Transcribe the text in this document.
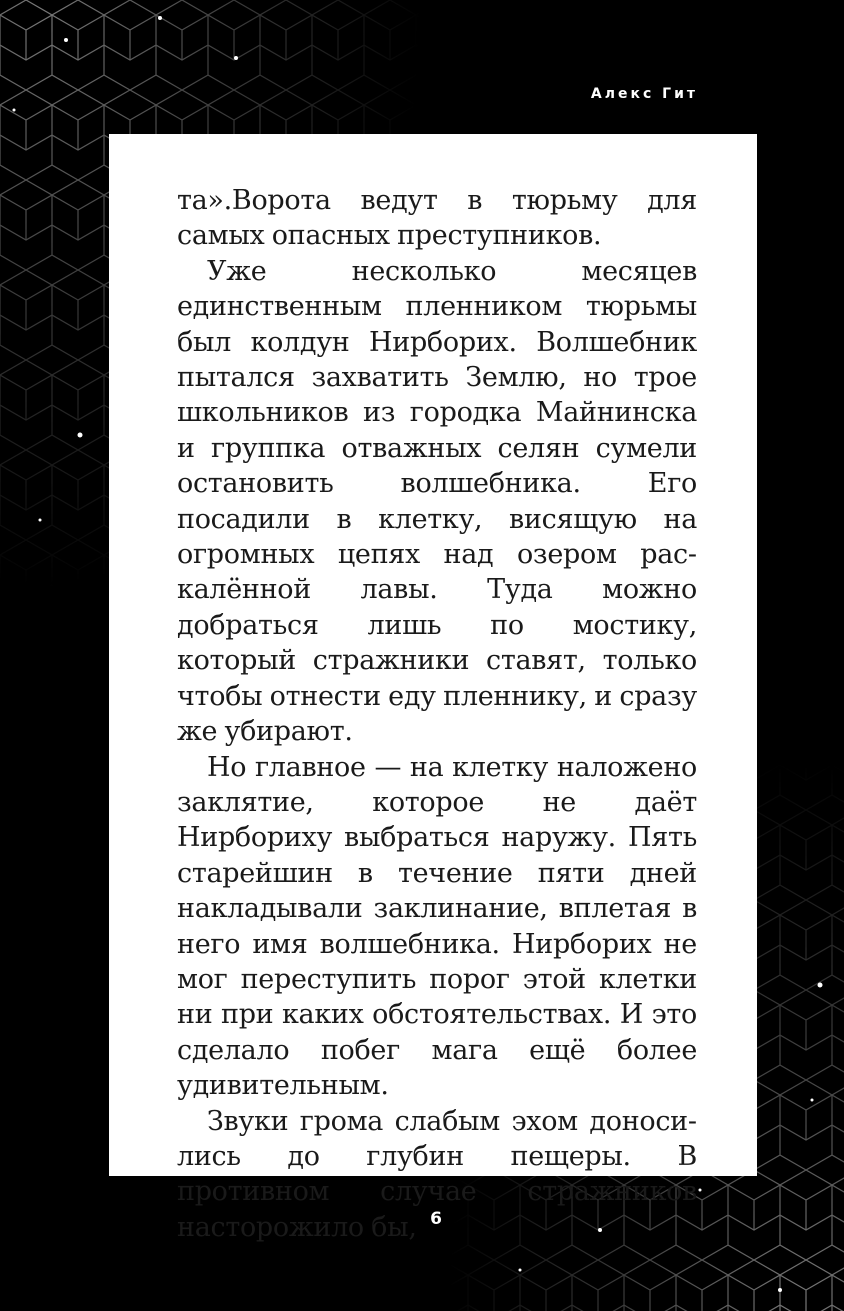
Алекс Гит

та».Ворота ведут в тюрьму для самых опасных преступников.

Уже несколько месяцев единственным пленником тюрьмы был колдун Нирборих. Волшебник пытался захватить Землю, но трое школьников из городка Майнинска и группка отважных селян сумели остановить волшебника. Его посадили в клетку, висящую на огромных цепях над озером раскалённой лавы. Туда можно добраться лишь по мостику, который стражники ставят, только чтобы отнести еду пленнику, и сразу же убирают.

Но главное — на клетку наложено заклятие, которое не даёт Нирбориху выбраться наружу. Пять старейшин в течение пяти дней накладывали заклинание, вплетая в него имя волшебника. Нирборих не мог переступить порог этой клетки ни при каких обстоятельствах. И это сделало побег мага ещё более удивительным.

Звуки грома слабым эхом доносились до глубин пещеры. В противном случае стражников насторожило бы, 6
